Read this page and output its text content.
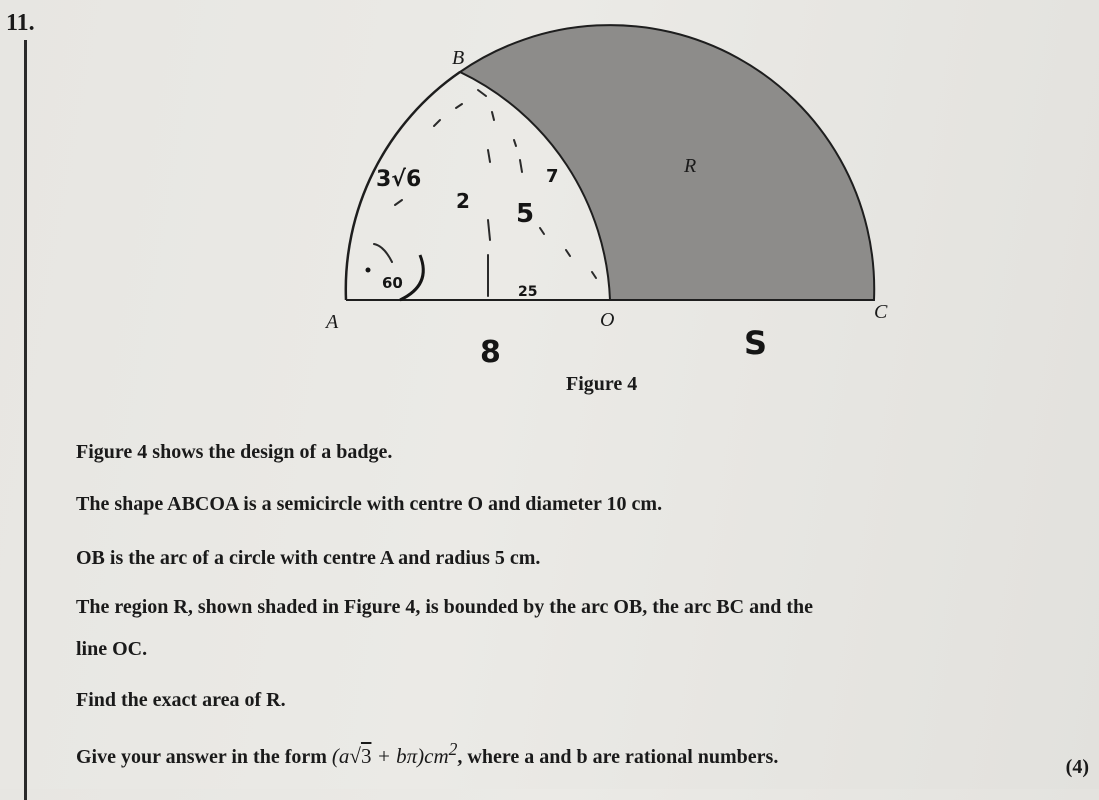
11.
B
A	O	C
R
3√6	7
2 5
60	25
8	S
Figure 4
Figure 4 shows the design of a badge.
The shape ABCOA is a semicircle with centre O and diameter 10 cm.
OB is the arc of a circle with centre A and radius 5 cm.
The region R, shown shaded in Figure 4, is bounded by the arc OB, the arc BC and the
line OC.
Find the exact area of R.
Give your answer in the form $(a√3 + b\pi)cm^2$, where a and b are rational numbers.	(4)
